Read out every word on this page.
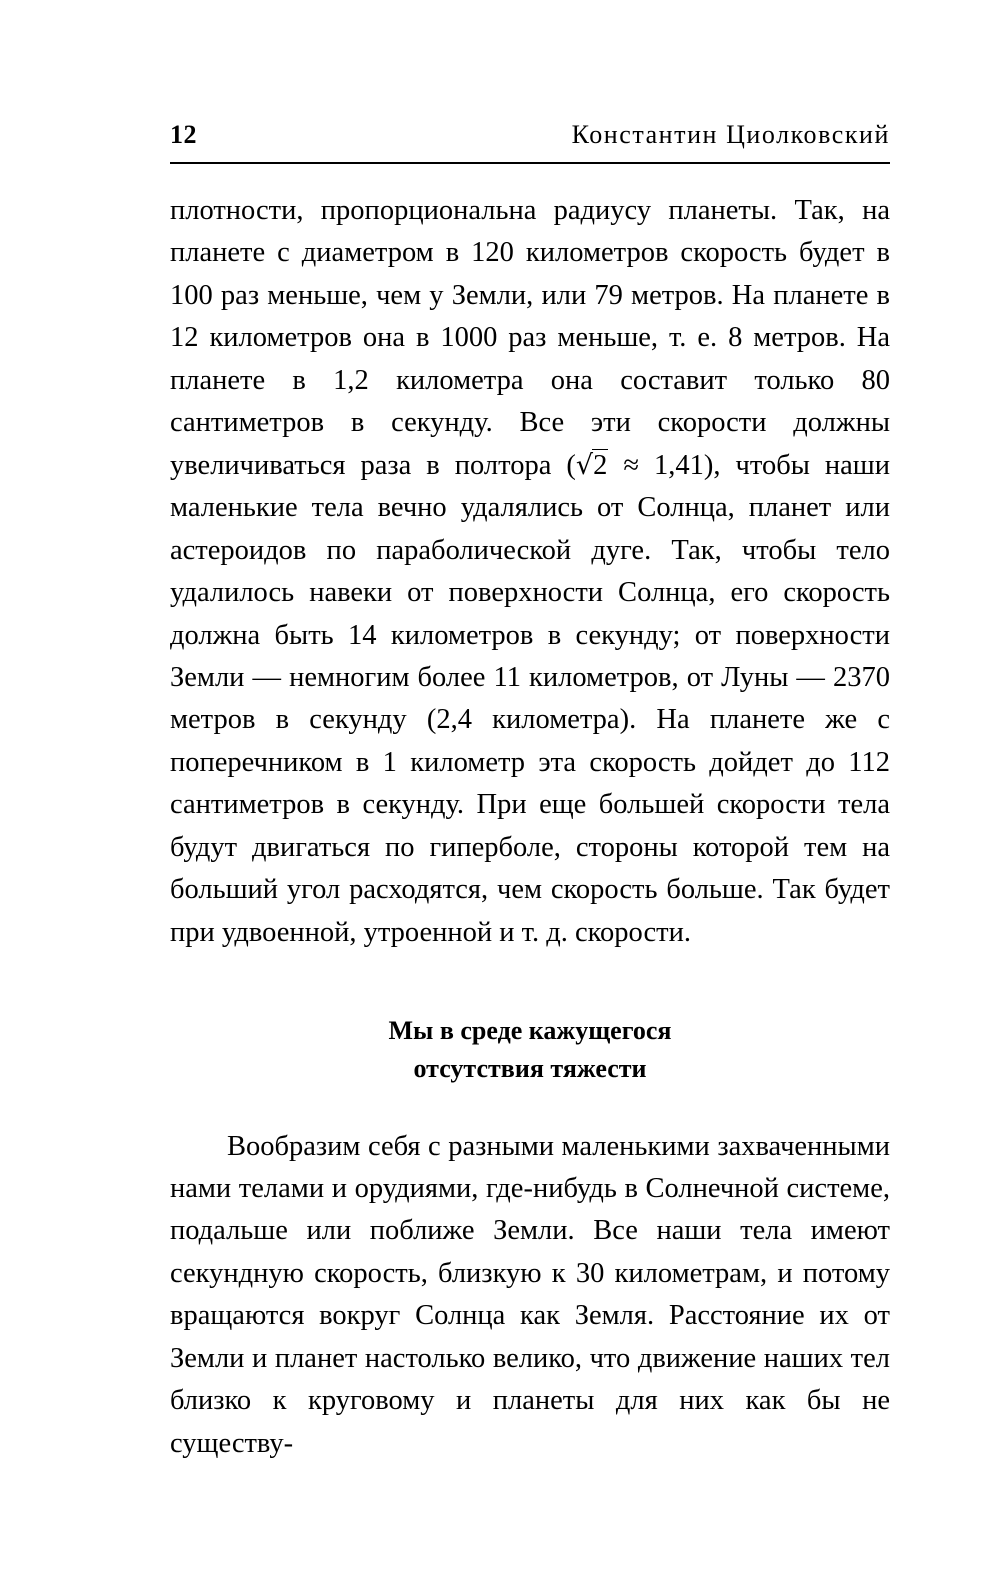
12	Константин Циолковский

плотности, пропорциональна радиусу планеты. Так, на планете с диаметром в 120 километров скорость будет в 100 раз меньше, чем у Земли, или 79 метров. На планете в 12 километров она в 1000 раз меньше, т. е. 8 метров. На планете в 1,2 километра она составит только 80 сантиметров в секунду. Все эти скорости должны увеличиваться раза в полтора (√2 ≈ 1,41), чтобы наши маленькие тела вечно удалялись от Солнца, планет или астероидов по параболической дуге. Так, чтобы тело удалилось навеки от поверхности Солнца, его скорость должна быть 14 километров в секунду; от поверхности Земли — немногим более 11 километров, от Луны — 2370 метров в секунду (2,4 километра). На планете же с поперечником в 1 километр эта скорость дойдет до 112 сантиметров в секунду. При еще большей скорости тела будут двигаться по гиперболе, стороны которой тем на больший угол расходятся, чем скорость больше. Так будет при удвоенной, утроенной и т. д. скорости.

Мы в среде кажущегося
отсутствия тяжести

Вообразим себя с разными маленькими захваченными нами телами и орудиями, где-нибудь в Солнечной системе, подальше или поближе Земли. Все наши тела имеют секундную скорость, близкую к 30 километрам, и потому вращаются вокруг Солнца как Земля. Расстояние их от Земли и планет настолько велико, что движение наших тел близко к круговому и планеты для них как бы не существу-
